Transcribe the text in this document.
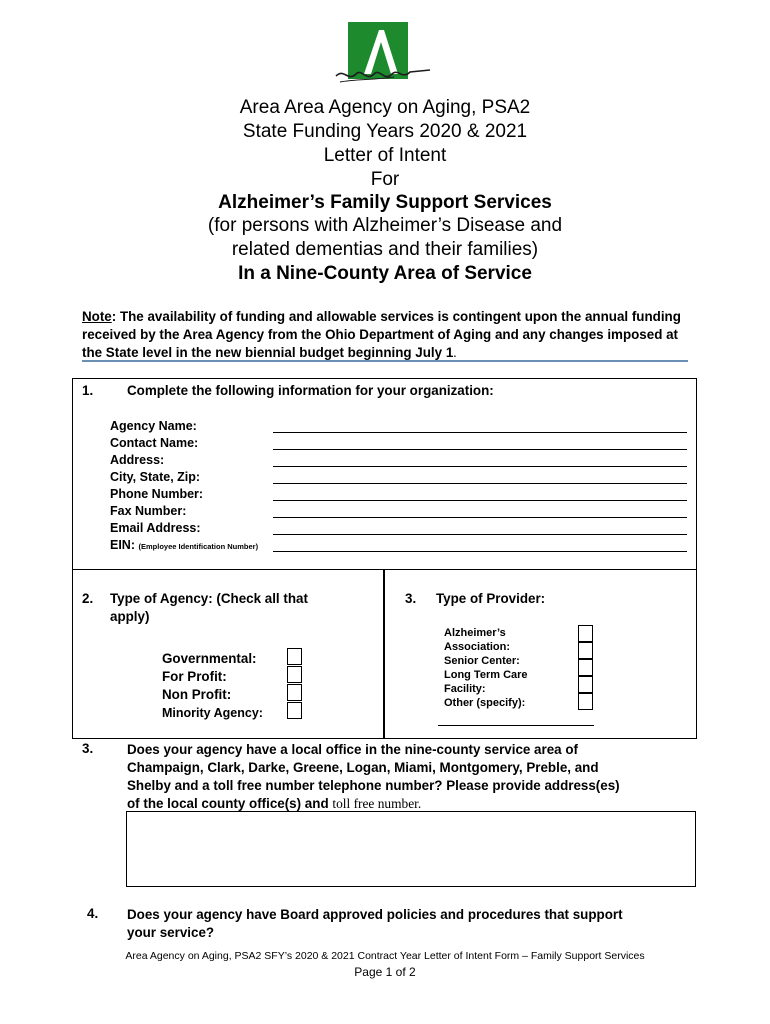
Area Area Agency on Aging, PSA2
State Funding Years 2020 & 2021
Letter of Intent
For
Alzheimer’s Family Support Services
(for persons with Alzheimer’s Disease and
related dementias and their families)
In a Nine-County Area of Service
Note: The availability of funding and allowable services is contingent upon the annual funding received by the Area Agency from the Ohio Department of Aging and any changes imposed at the State level in the new biennial budget beginning July 1.
1.	Complete the following information for your organization:
Agency Name:
Contact Name:
Address:
City, State, Zip:
Phone Number:
Fax Number:
Email Address:
EIN: (Employee Identification Number)
2. Type of Agency: (Check all that
apply)
Governmental:
For Profit:
Non Profit:
Minority Agency:
3. Type of Provider:
Alzheimer’s
Association:
Senior Center:
Long Term Care
Facility:
Other (specify):
3.	Does your agency have a local office in the nine-county service area of
Champaign, Clark, Darke, Greene, Logan, Miami, Montgomery, Preble, and
Shelby and a toll free number telephone number? Please provide address(es)
of the local county office(s) and toll free number.
4. Does your agency have Board approved policies and procedures that support
your service?
Area Agency on Aging, PSA2 SFY’s 2020 & 2021 Contract Year Letter of Intent Form – Family Support Services
Page 1 of 2
